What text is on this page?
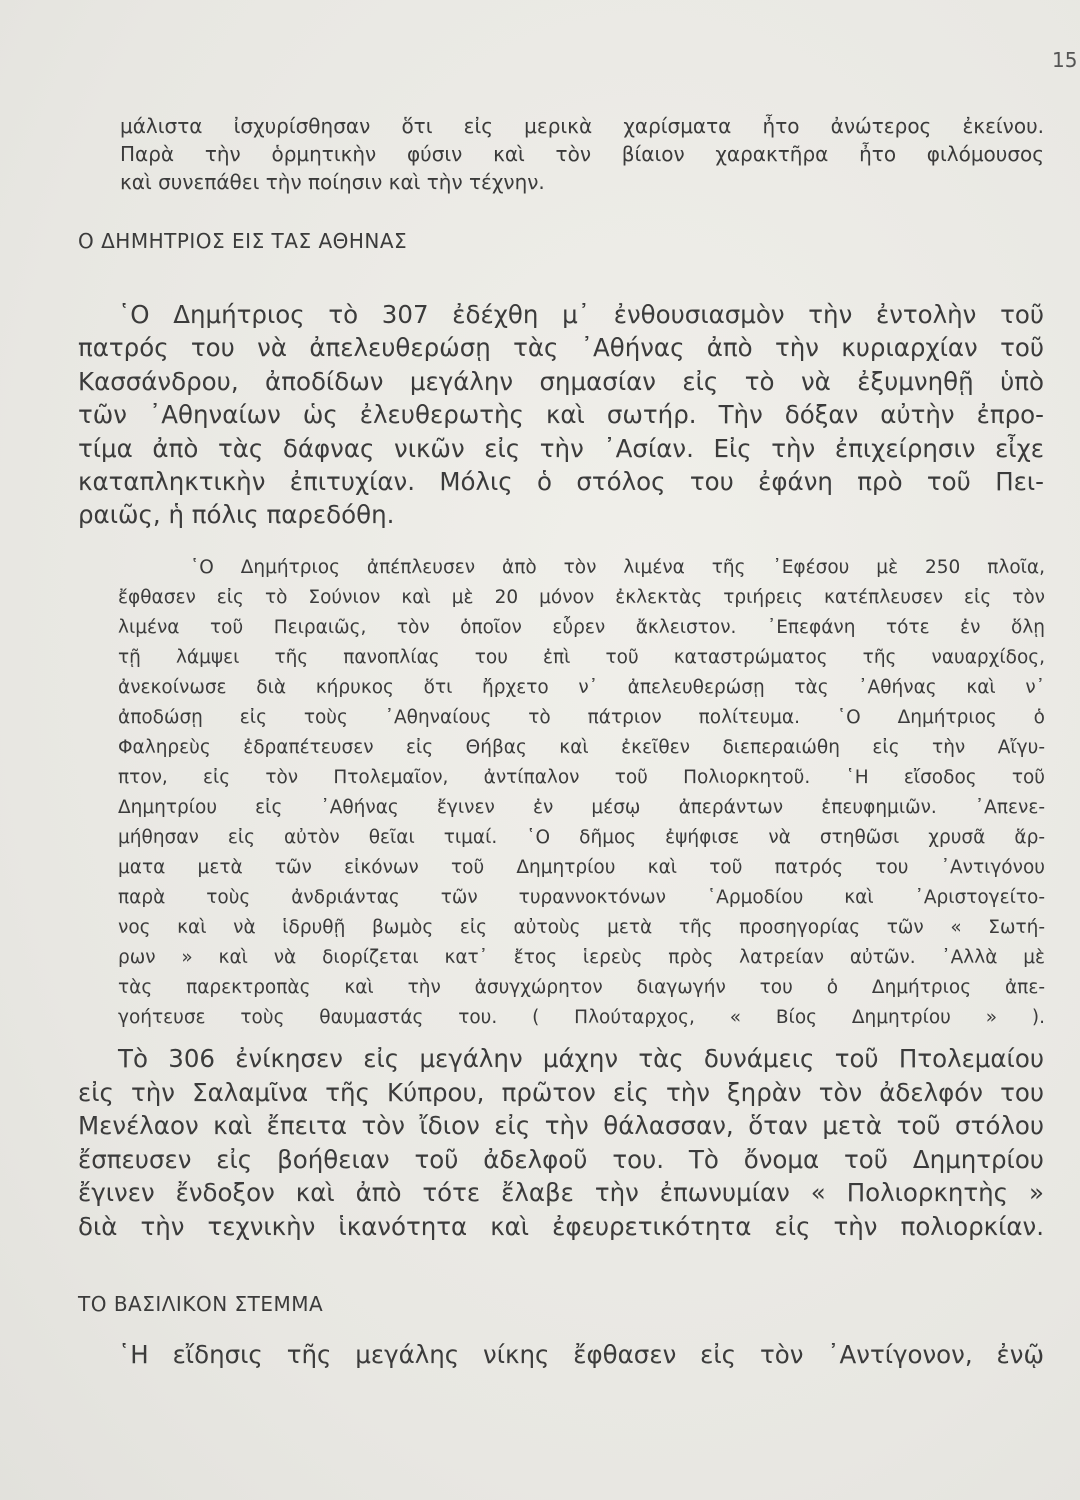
15
μάλιστα ἰσχυρίσθησαν ὅτι εἰς μερικὰ χαρίσματα ἦτο ἀνώτερος ἐκείνου.
Παρὰ τὴν ὁρμητικὴν φύσιν καὶ τὸν βίαιον χαρακτῆρα ἦτο φιλόμουσος
καὶ συνεπάθει τὴν ποίησιν καὶ τὴν τέχνην.
Ο ΔΗΜΗΤΡΙΟΣ ΕΙΣ ΤΑΣ ΑΘΗΝΑΣ
῾Ο Δημήτριος τὸ 307 ἐδέχθη μ᾿ ἐνθουσιασμὸν τὴν ἐντολὴν τοῦ
πατρός του νὰ ἀπελευθερώσῃ τὰς ᾿Αθήνας ἀπὸ τὴν κυριαρχίαν τοῦ
Κασσάνδρου, ἀποδίδων μεγάλην σημασίαν εἰς τὸ νὰ ἐξυμνηθῇ ὑπὸ
τῶν ᾿Αθηναίων ὡς ἐλευθερωτὴς καὶ σωτήρ. Τὴν δόξαν αὐτὴν ἐπρο-
τίμα ἀπὸ τὰς δάφνας νικῶν εἰς τὴν ᾿Ασίαν. Εἰς τὴν ἐπιχείρησιν εἶχε
καταπληκτικὴν ἐπιτυχίαν. Μόλις ὁ στόλος του ἐφάνη πρὸ τοῦ Πει-
ραιῶς, ἡ πόλις παρεδόθη.
῾Ο Δημήτριος ἀπέπλευσεν ἀπὸ τὸν λιμένα τῆς ᾿Εφέσου μὲ 250 πλοῖα,
ἔφθασεν εἰς τὸ Σούνιον καὶ μὲ 20 μόνον ἐκλεκτὰς τριήρεις κατέπλευσεν εἰς τὸν
λιμένα τοῦ Πειραιῶς, τὸν ὁποῖον εὗρεν ἄκλειστον. ᾿Επεφάνη τότε ἐν ὅλῃ
τῇ λάμψει τῆς πανοπλίας του ἐπὶ τοῦ καταστρώματος τῆς ναυαρχίδος,
ἀνεκοίνωσε διὰ κήρυκος ὅτι ἤρχετο ν᾿ ἀπελευθερώσῃ τὰς ᾿Αθήνας καὶ ν᾿
ἀποδώσῃ εἰς τοὺς ᾿Αθηναίους τὸ πάτριον πολίτευμα. ῾Ο Δημήτριος ὁ
Φαληρεὺς ἐδραπέτευσεν εἰς Θήβας καὶ ἐκεῖθεν διεπεραιώθη εἰς τὴν Αἴγυ-
πτον, εἰς τὸν Πτολεμαῖον, ἀντίπαλον τοῦ Πολιορκητοῦ. ῾Η εἴσοδος τοῦ
Δημητρίου εἰς ᾿Αθήνας ἔγινεν ἐν μέσῳ ἀπεράντων ἐπευφημιῶν. ᾿Απενε-
μήθησαν εἰς αὐτὸν θεῖαι τιμαί. ῾Ο δῆμος ἐψήφισε νὰ στηθῶσι χρυσᾶ ἅρ-
ματα μετὰ τῶν εἰκόνων τοῦ Δημητρίου καὶ τοῦ πατρός του ᾿Αντιγόνου
παρὰ τοὺς ἀνδριάντας τῶν τυραννοκτόνων ῾Αρμοδίου καὶ ᾿Αριστογείτο-
νος καὶ νὰ ἱδρυθῇ βωμὸς εἰς αὐτοὺς μετὰ τῆς προσηγορίας τῶν « Σωτή-
ρων » καὶ νὰ διορίζεται κατ᾿ ἔτος ἱερεὺς πρὸς λατρείαν αὐτῶν. ᾿Αλλὰ μὲ
τὰς παρεκτροπὰς καὶ τὴν ἀσυγχώρητον διαγωγήν του ὁ Δημήτριος ἀπε-
γοήτευσε τοὺς θαυμαστάς του. ( Πλούταρχος, « Βίος Δημητρίου » ).
Τὸ 306 ἐνίκησεν εἰς μεγάλην μάχην τὰς δυνάμεις τοῦ Πτολεμαίου
εἰς τὴν Σαλαμῖνα τῆς Κύπρου, πρῶτον εἰς τὴν ξηρὰν τὸν ἀδελφόν του
Μενέλαον καὶ ἔπειτα τὸν ἴδιον εἰς τὴν θάλασσαν, ὅταν μετὰ τοῦ στόλου
ἔσπευσεν εἰς βοήθειαν τοῦ ἀδελφοῦ του. Τὸ ὄνομα τοῦ Δημητρίου
ἔγινεν ἔνδοξον καὶ ἀπὸ τότε ἔλαβε τὴν ἐπωνυμίαν « Πολιορκητὴς »
διὰ τὴν τεχνικὴν ἱκανότητα καὶ ἐφευρετικότητα εἰς τὴν πολιορκίαν.
ΤΟ ΒΑΣΙΛΙΚΟΝ ΣΤΕΜΜΑ
῾Η εἴδησις τῆς μεγάλης νίκης ἔφθασεν εἰς τὸν ᾿Αντίγονον, ἐνῷ
